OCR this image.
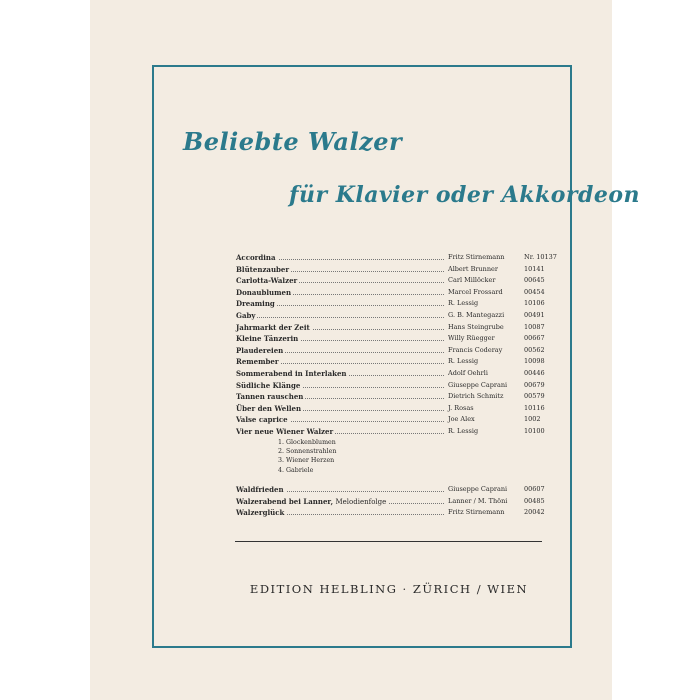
Beliebte Walzer
für Klavier oder Akkordeon
Accordina	Fritz Stirnemann	Nr. 10137
Blütenzauber	Albert Brunner	10141
Carlotta-Walzer	Carl Millöcker	00645
Donaublumen	Marcel Frossard	00454
Dreaming	R. Lessig	10106
Gaby	G. B. Mantegazzi	00491
Jahrmarkt der Zeit	Hans Steingrube	10087
Kleine Tänzerin	Willy Rüegger	00667
Plaudereien	Francis Coderay	00562
Remember	R. Lessig	10098
Sommerabend in Interlaken	Adolf Oehrli	00446
Südliche Klänge	Giuseppe Caprani	00679
Tannen rauschen	Dietrich Schmitz	00579
Über den Wellen	J. Rosas	10116
Valse caprice	Joe Alex	1002
Vier neue Wiener Walzer	R. Lessig	10100
1. Glockenblumen
2. Sonnenstrahlen
3. Wiener Herzen
4. Gabriele
Waldfrieden	Giuseppe Caprani	00607
Walzerabend bei Lanner, Melodienfolge	Lanner / M. Thöni	00485
Walzerglück	Fritz Stirnemann	20042
EDITION HELBLING · ZÜRICH / WIEN
